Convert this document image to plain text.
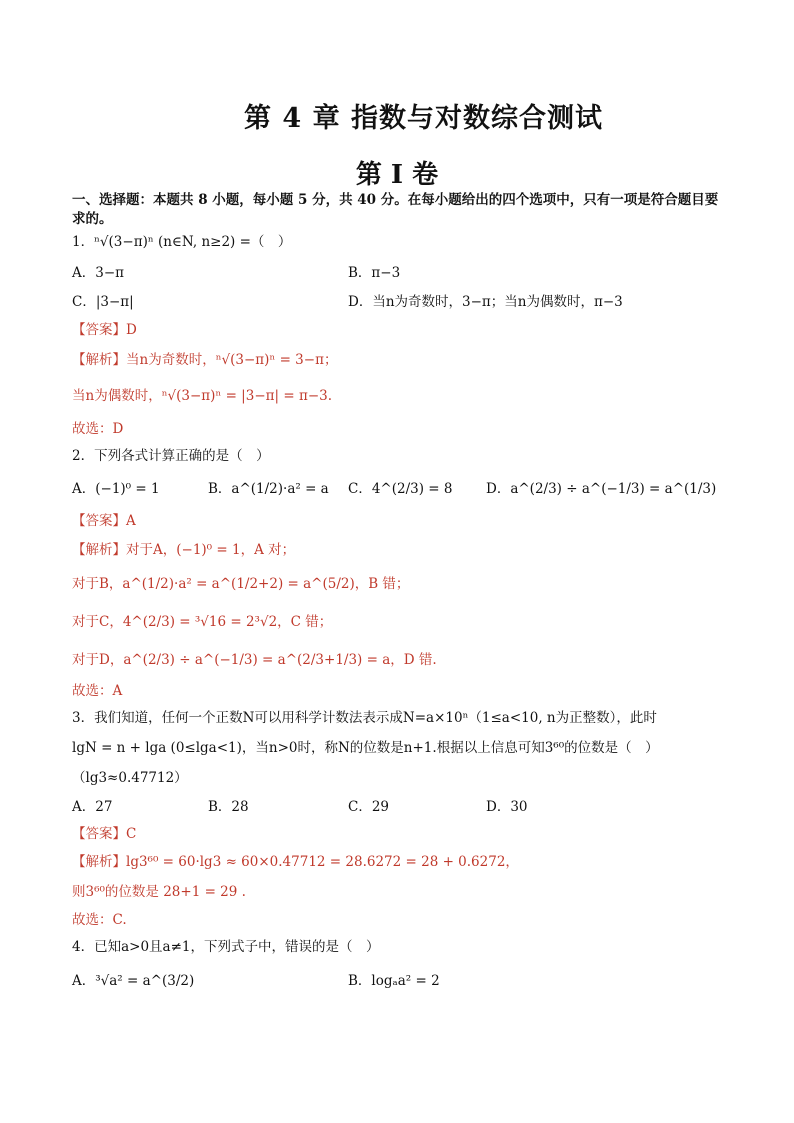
第 4 章 指数与对数综合测试
第 I 卷
一、选择题：本题共 8 小题，每小题 5 分，共 40 分。在每小题给出的四个选项中，只有一项是符合题目要
求的。
1．ⁿ√(3−π)ⁿ (n∈N, n≥2) =（　）
A．3−π	B．π−3
C．|3−π|	D．当n为奇数时，3−π；当n为偶数时，π−3
【答案】D
【解析】当n为奇数时，ⁿ√(3−π)ⁿ = 3−π；
当n为偶数时，ⁿ√(3−π)ⁿ = |3−π| = π−3.
故选：D
2．下列各式计算正确的是（　）
A．(−1)⁰ = 1	B．a^(1/2)·a² = a C．4^(2/3) = 8 D．a^(2/3) ÷ a^(−1/3) = a^(1/3)
【答案】A
【解析】对于A，(−1)⁰ = 1，A 对；
对于B，a^(1/2)·a² = a^(1/2+2) = a^(5/2)，B 错；
对于C，4^(2/3) = ³√16 = 2³√2，C 错；
对于D，a^(2/3) ÷ a^(−1/3) = a^(2/3+1/3) = a，D 错.
故选：A
3．我们知道，任何一个正数N可以用科学计数法表示成N=a×10ⁿ（1≤a<10, n为正整数），此时
lgN = n + lga (0≤lga<1)，当n>0时，称N的位数是n+1.根据以上信息可知3⁶⁰的位数是（　）
（lg3≈0.47712）
A．27	B．28	C．29	D．30
【答案】C
【解析】lg3⁶⁰ = 60·lg3 ≈ 60×0.47712 = 28.6272 = 28 + 0.6272，
则3⁶⁰的位数是 28+1 = 29 .
故选：C.
4．已知a>0且a≠1，下列式子中，错误的是（　）
A．³√a² = a^(3/2)	B．logₐa² = 2
